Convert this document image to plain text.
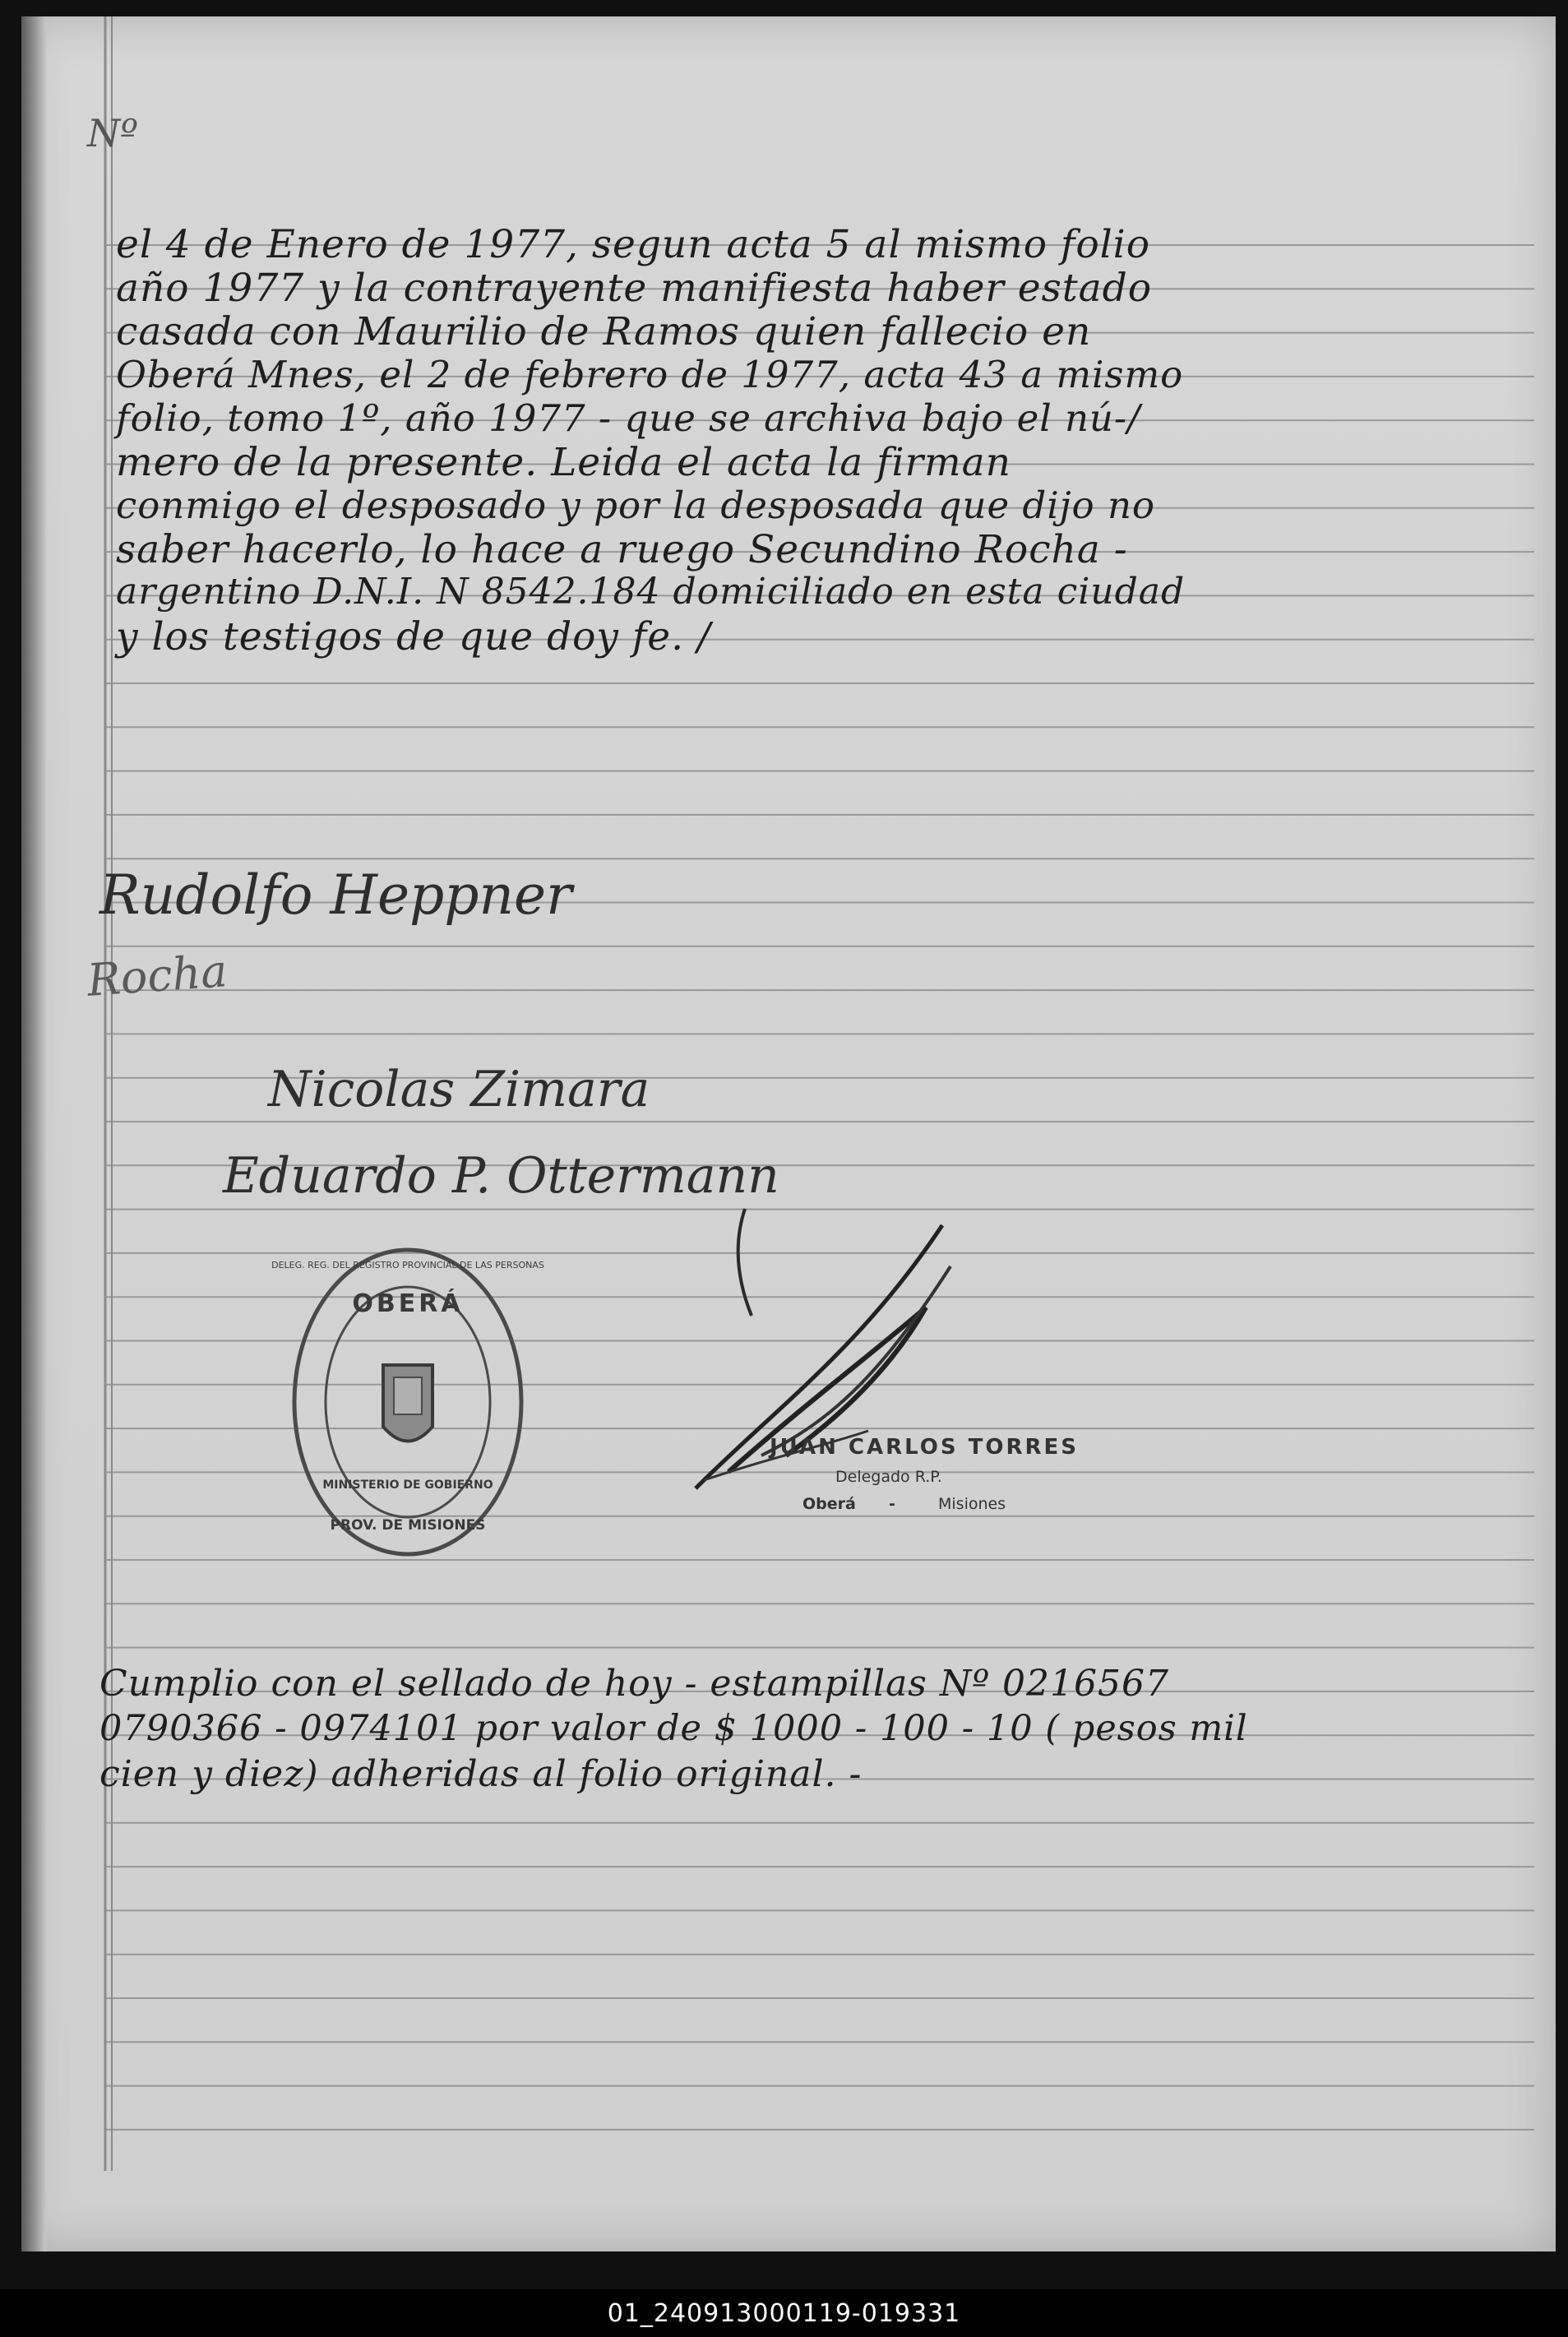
Nº
el 4 de Enero de 1977, segun acta 5 al mismo folio
año 1977 y la contrayente manifiesta haber estado
casada con Maurilio de Ramos quien fallecio en
Oberá Mnes, el 2 de febrero de 1977, acta 43 a mismo
folio, tomo 1º, año 1977 - que se archiva bajo el nú-/
mero de la presente. Leida el acta la firman
conmigo el desposado y por la desposada que dijo no
saber hacerlo, lo hace a ruego Secundino Rocha -
argentino D.N.I. N 8542.184 domiciliado en esta ciudad
y los testigos de que doy fe. /
Rudolfo Heppner
Rocha
Nicolas Zimara
Eduardo P. Ottermann
OBERÁ
MINISTERIO DE GOBIERNO
PROV. DE MISIONES
DELEG. REG. DEL REGISTRO PROVINCIAL DE LAS PERSONAS
JUAN CARLOS TORRES
Delegado R.P.
Oberá -	Misiones
Cumplio con el sellado de hoy - estampillas Nº 0216567
0790366 - 0974101 por valor de $ 1000 - 100 - 10 ( pesos mil
cien y diez) adheridas al folio original. -
01_240913000119-019331
